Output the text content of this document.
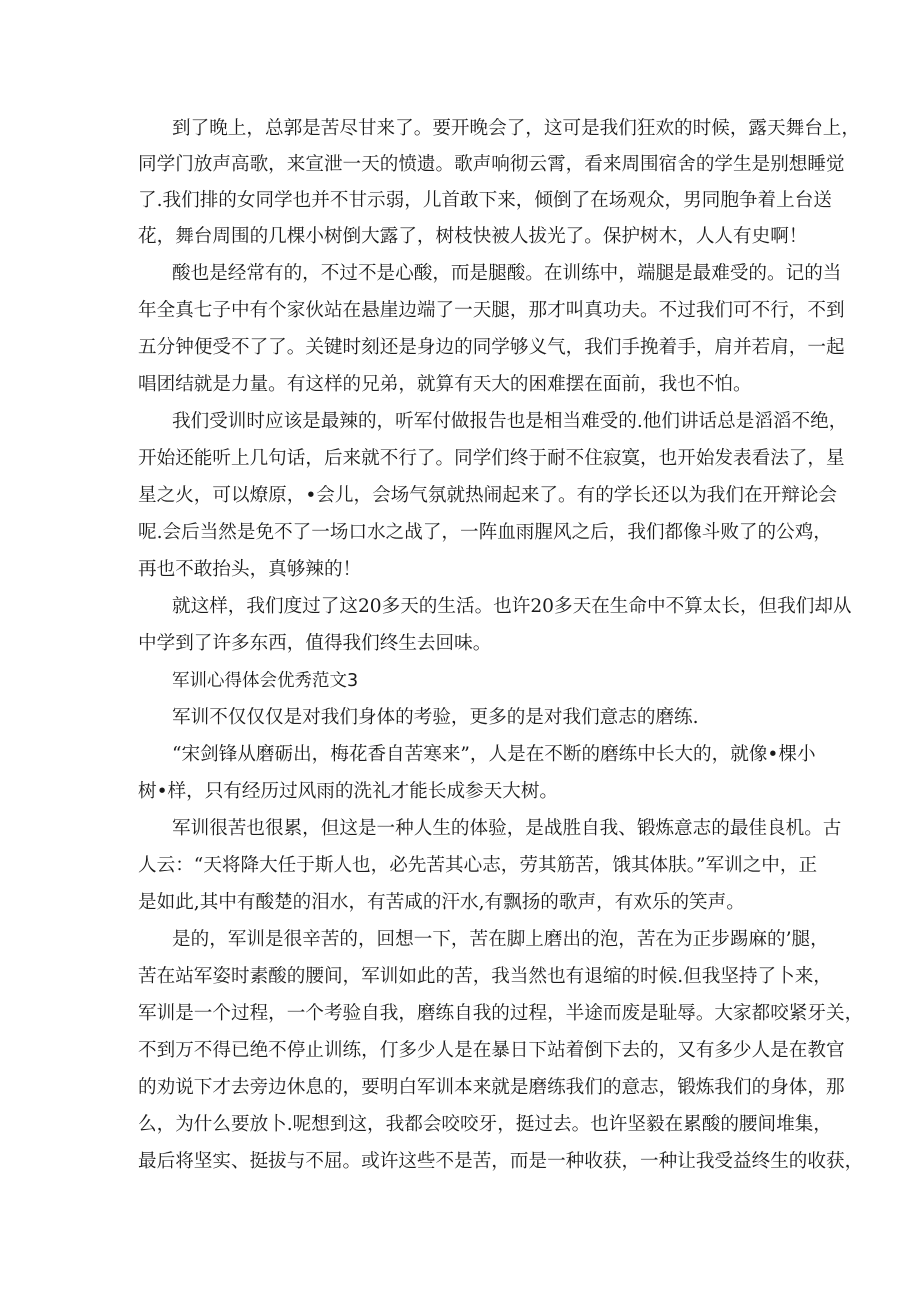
到了晚上，总郭是苦尽甘来了。要开晚会了，这可是我们狂欢的时候，露天舞台上，
同学门放声高歌，来宣泄一天的愤遗。歌声响彻云霄，看来周围宿舍的学生是别想睡觉
了.我们排的女同学也并不甘示弱，儿首敢下来，倾倒了在场观众，男同胞争着上台送
花，舞台周围的几棵小树倒大露了，树枝快被人拔光了。保护树木，人人有史啊！
酸也是经常有的，不过不是心酸，而是腿酸。在训练中，端腿是最难受的。记的当
年全真七子中有个家伙站在悬崖边端了一天腿，那才叫真功夫。不过我们可不行，不到
五分钟便受不了了。关键时刻还是身边的同学够义气，我们手挽着手，肩并若肩，一起
唱团结就是力量。有这样的兄弟，就算有天大的困难摆在面前，我也不怕。
我们受训时应该是最辣的，听军付做报告也是相当难受的.他们讲话总是滔滔不绝，
开始还能听上几句话，后来就不行了。同学们终于耐不住寂寞，也开始发表看法了，星
星之火，可以燎原，•会儿，会场气氛就热闹起来了。有的学长还以为我们在开辩论会
呢.会后当然是免不了一场口水之战了，一阵血雨腥风之后，我们都像斗败了的公鸡，
再也不敢抬头，真够辣的！
就这样，我们度过了这20多天的生活。也许20多天在生命中不算太长，但我们却从
中学到了许多东西，值得我们终生去回味。
军训心得体会优秀范文3
军训不仅仅仅是对我们身体的考验，更多的是对我们意志的磨练.
“宋剑锋从磨砺出，梅花香自苦寒来”，人是在不断的磨练中长大的，就像•棵小
树•样，只有经历过风雨的洗礼才能长成参天大树。
军训很苦也很累，但这是一种人生的体验，是战胜自我、锻炼意志的最佳良机。古
人云：“天将降大任于斯人也，必先苦其心志，劳其筋苦，饿其体肤。”军训之中，正
是如此,其中有酸楚的泪水，有苦咸的汗水,有飘扬的歌声，有欢乐的笑声。
是的，军训是很辛苦的，回想一下，苦在脚上磨出的泡，苦在为正步踢麻的’腿，
苦在站军姿时素酸的腰间，军训如此的苦，我当然也有退缩的时候.但我坚持了卜来，
军训是一个过程，一个考验自我，磨练自我的过程，半途而废是耻辱。大家都咬紧牙关，
不到万不得已绝不停止训练，仃多少人是在暴日下站着倒下去的，又有多少人是在教官
的劝说下才去旁边休息的，要明白军训本来就是磨练我们的意志，锻炼我们的身体，那
么，为什么要放卜.呢想到这，我都会咬咬牙，挺过去。也许坚毅在累酸的腰间堆集，
最后将坚实、挺拔与不屈。或许这些不是苦，而是一种收获，一种让我受益终生的收获，
